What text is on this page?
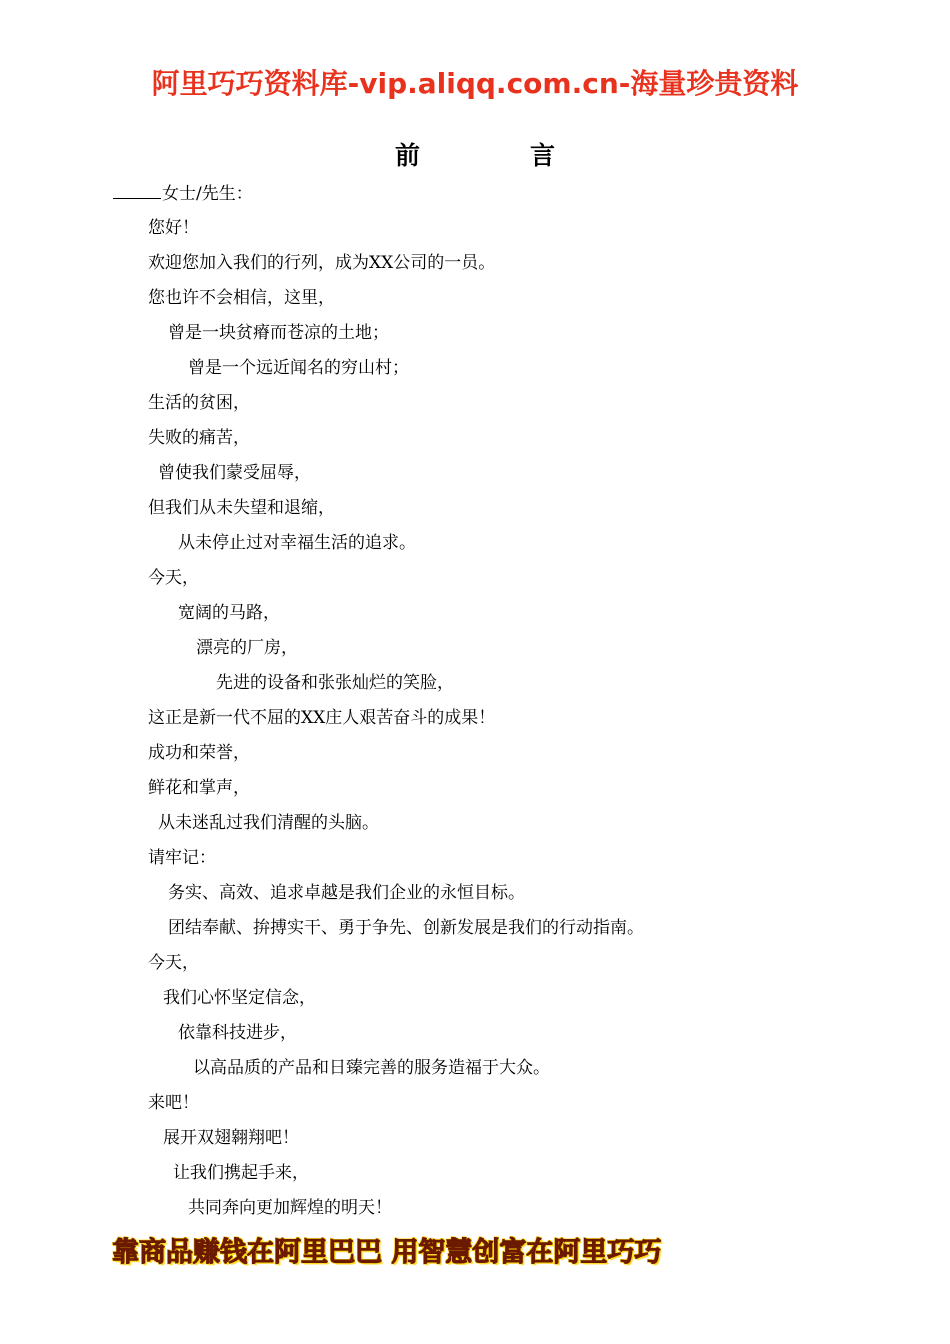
阿里巧巧资料库-vip.aliqq.com.cn-海量珍贵资料
前	言
女士/先生：
您好！
欢迎您加入我们的行列，成为XX公司的一员。
您也许不会相信，这里，
曾是一块贫瘠而苍凉的土地；
曾是一个远近闻名的穷山村；
生活的贫困，
失败的痛苦，
曾使我们蒙受屈辱，
但我们从未失望和退缩，
从未停止过对幸福生活的追求。
今天，
宽阔的马路，
漂亮的厂房，
先进的设备和张张灿烂的笑脸，
这正是新一代不屈的XX庄人艰苦奋斗的成果！
成功和荣誉，
鲜花和掌声，
从未迷乱过我们清醒的头脑。
请牢记：
务实、高效、追求卓越是我们企业的永恒目标。
团结奉献、拚搏实干、勇于争先、创新发展是我们的行动指南。
今天，
我们心怀坚定信念，
依靠科技进步，
以高品质的产品和日臻完善的服务造福于大众。
来吧！
展开双翅翱翔吧！
让我们携起手来，
共同奔向更加辉煌的明天！
靠商品赚钱在阿里巴巴 用智慧创富在阿里巧巧
